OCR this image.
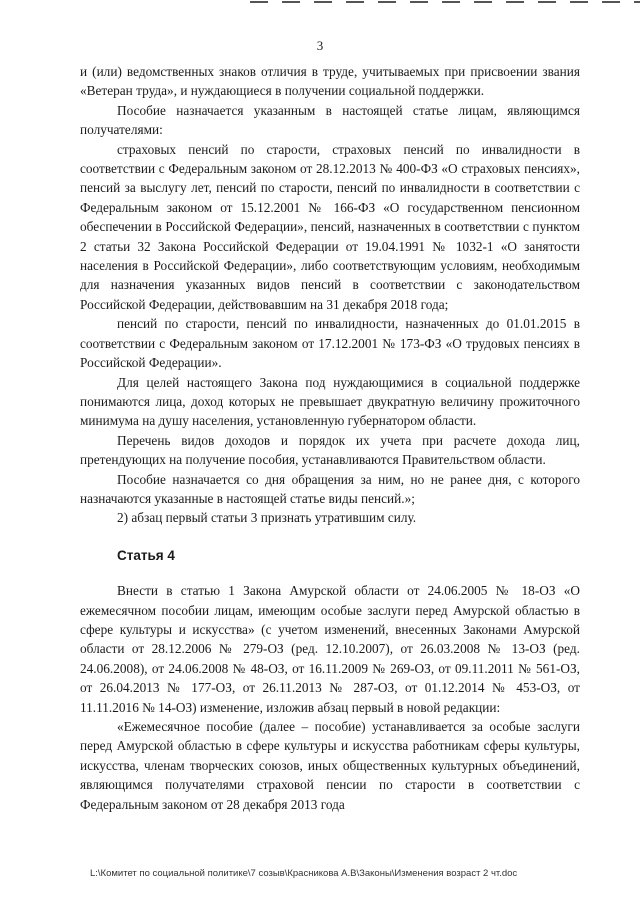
3

и (или) ведомственных знаков отличия в труде, учитываемых при присвоении звания «Ветеран труда», и нуждающиеся в получении социальной поддержки.

Пособие назначается указанным в настоящей статье лицам, являющимся получателями:

страховых пенсий по старости, страховых пенсий по инвалидности в соответствии с Федеральным законом от 28.12.2013 № 400-ФЗ «О страховых пенсиях», пенсий за выслугу лет, пенсий по старости, пенсий по инвалидности в соответствии с Федеральным законом от 15.12.2001 № 166-ФЗ «О государственном пенсионном обеспечении в Российской Федерации», пенсий, назначенных в соответствии с пунктом 2 статьи 32 Закона Российской Федерации от 19.04.1991 № 1032-1 «О занятости населения в Российской Федерации», либо соответствующим условиям, необходимым для назначения указанных видов пенсий в соответствии с законодательством Российской Федерации, действовавшим на 31 декабря 2018 года;

пенсий по старости, пенсий по инвалидности, назначенных до 01.01.2015 в соответствии с Федеральным законом от 17.12.2001 № 173-ФЗ «О трудовых пенсиях в Российской Федерации».

Для целей настоящего Закона под нуждающимися в социальной поддержке понимаются лица, доход которых не превышает двукратную величину прожиточного минимума на душу населения, установленную губернатором области.

Перечень видов доходов и порядок их учета при расчете дохода лиц, претендующих на получение пособия, устанавливаются Правительством области.

Пособие назначается со дня обращения за ним, но не ранее дня, с которого назначаются указанные в настоящей статье виды пенсий.»;

2) абзац первый статьи 3 признать утратившим силу.

Статья 4

Внести в статью 1 Закона Амурской области от 24.06.2005 № 18-ОЗ «О ежемесячном пособии лицам, имеющим особые заслуги перед Амурской областью в сфере культуры и искусства» (с учетом изменений, внесенных Законами Амурской области от 28.12.2006 № 279-ОЗ (ред. 12.10.2007), от 26.03.2008 № 13-ОЗ (ред. 24.06.2008), от 24.06.2008 № 48-ОЗ, от 16.11.2009 № 269-ОЗ, от 09.11.2011 № 561-ОЗ, от 26.04.2013 № 177-ОЗ, от 26.11.2013 № 287-ОЗ, от 01.12.2014 № 453-ОЗ, от 11.11.2016 № 14-ОЗ) изменение, изложив абзац первый в новой редакции:

«Ежемесячное пособие (далее – пособие) устанавливается за особые заслуги перед Амурской областью в сфере культуры и искусства работникам сферы культуры, искусства, членам творческих союзов, иных общественных культурных объединений, являющимся получателями страховой пенсии по старости в соответствии с Федеральным законом от 28 декабря 2013 года

L:\Комитет по социальной политике\7 созыв\Красникова А.В\Законы\Изменения возраст 2 чт.doc
